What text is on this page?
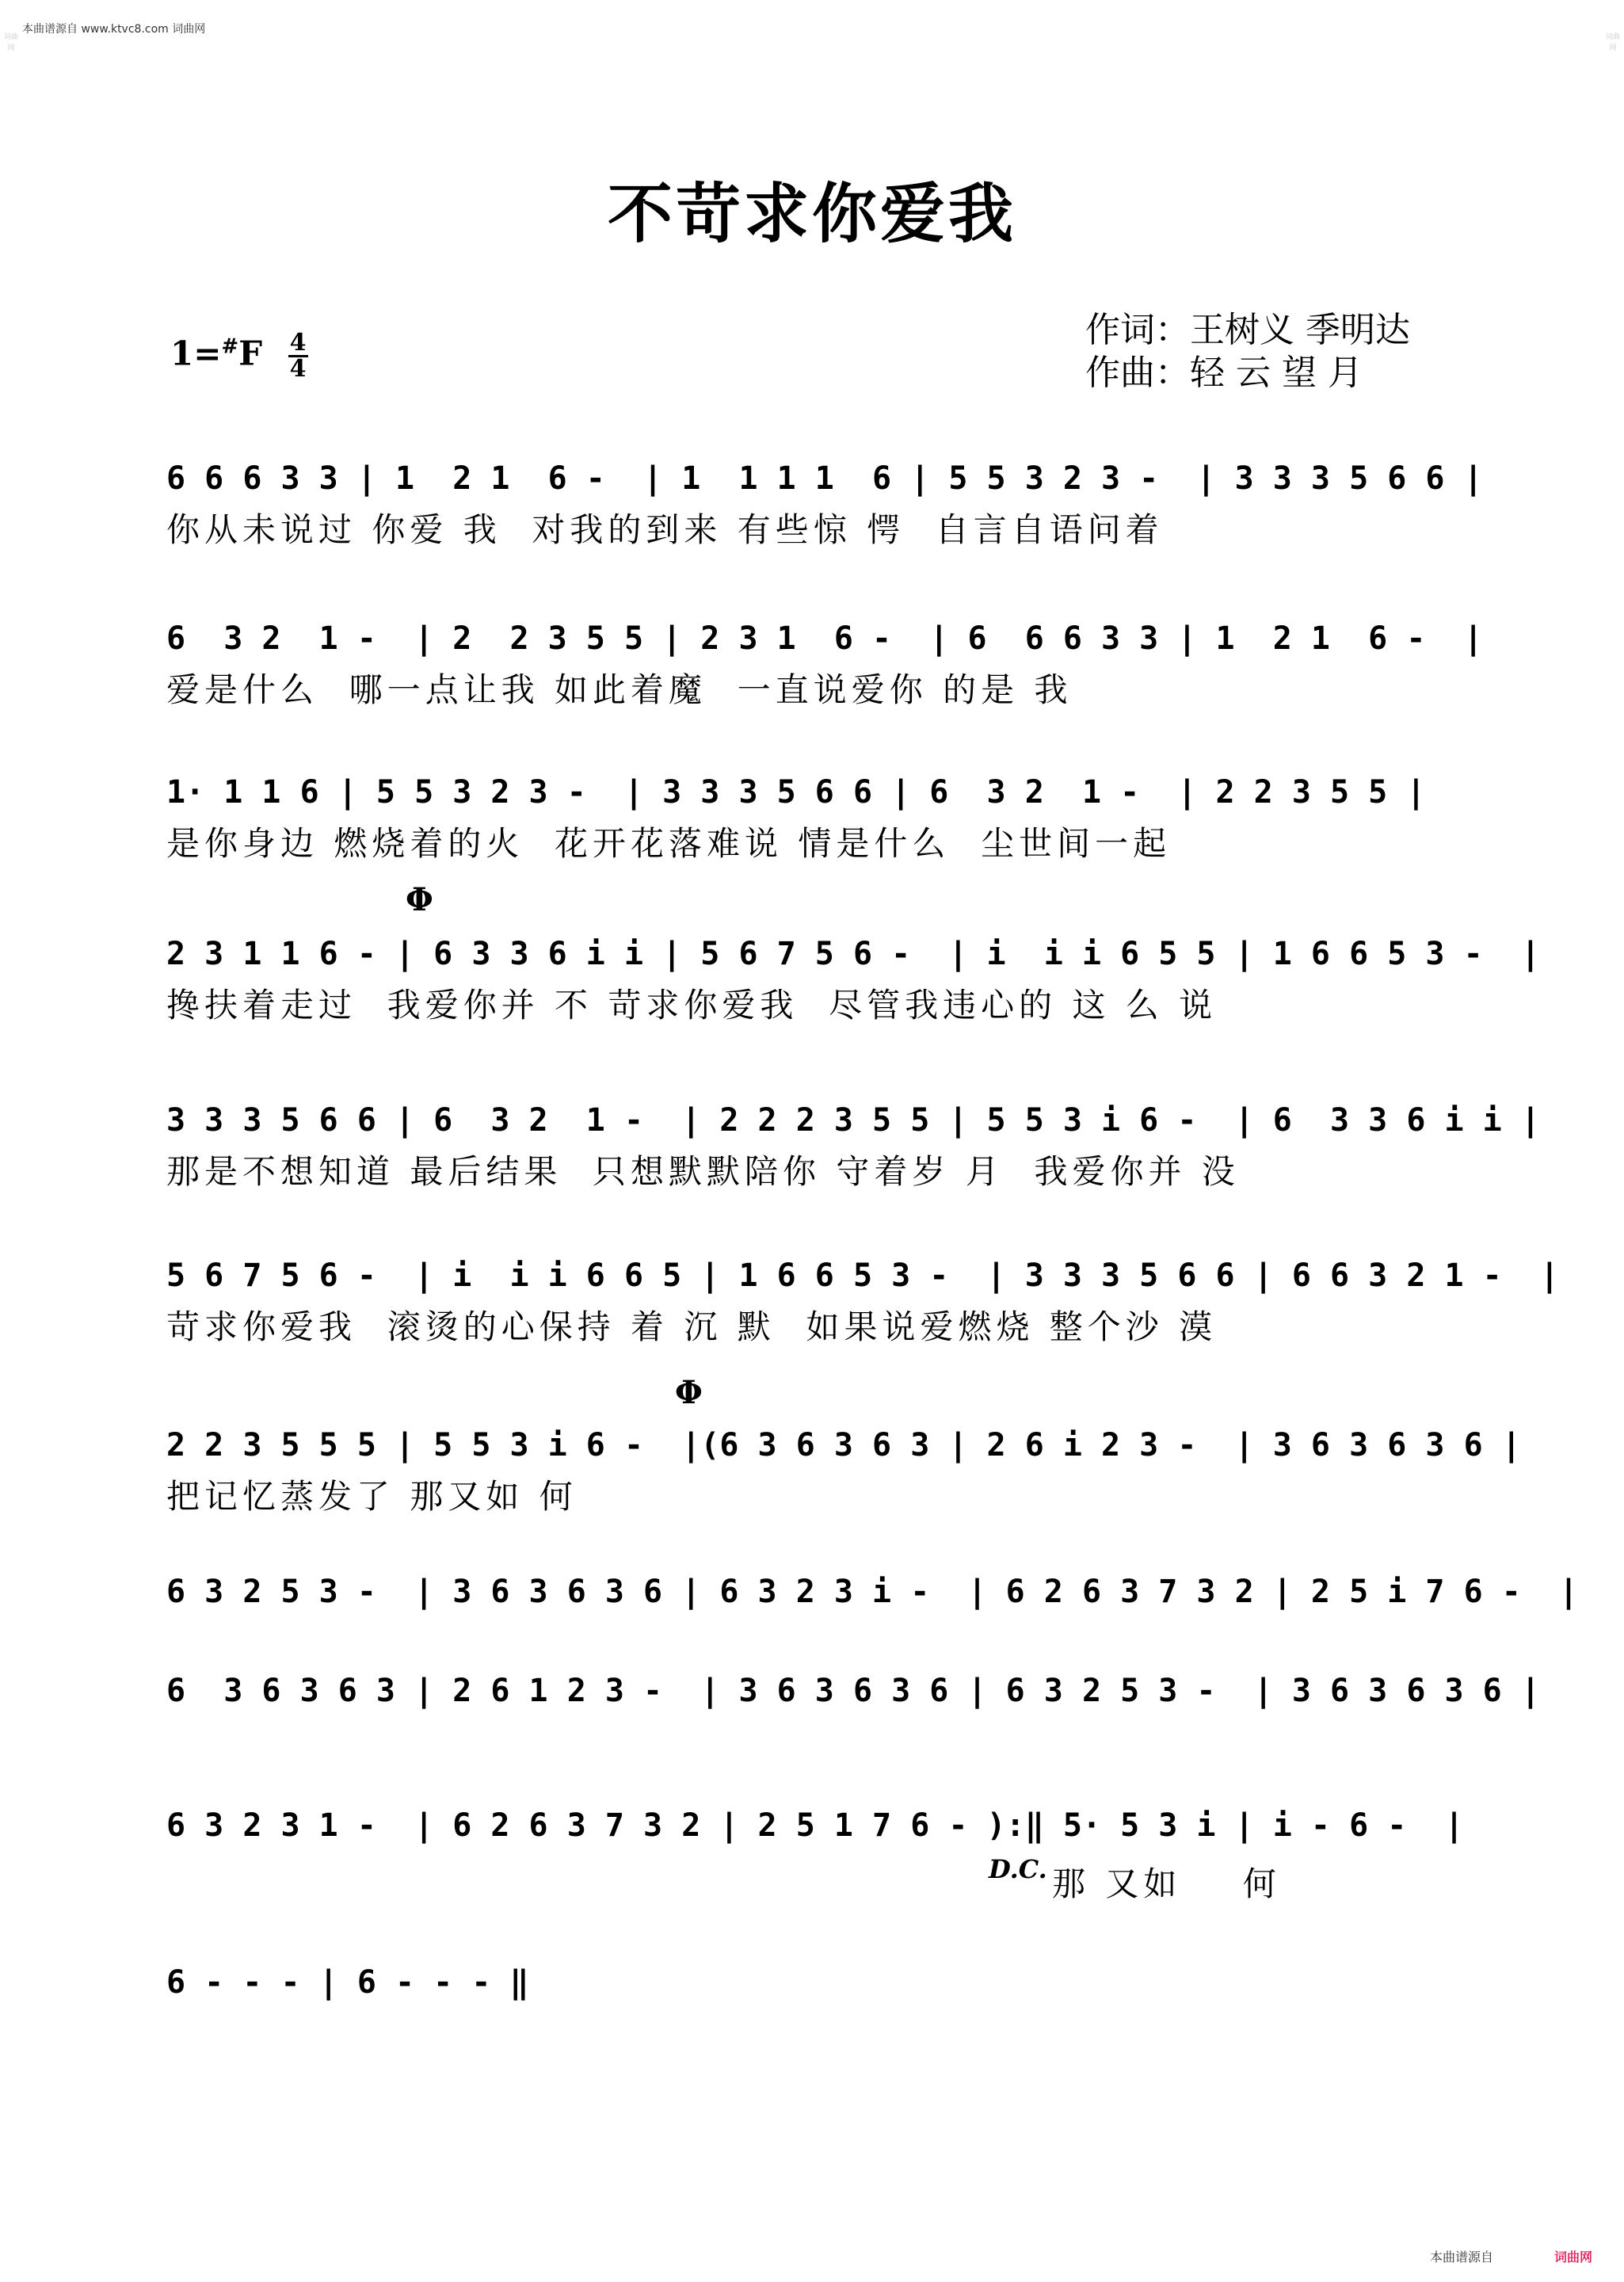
本曲谱源自 www.ktvc8.com 词曲网
词曲网
词曲网
不苛求你爱我
$1=^{\#}F \frac{4}{4}$
作词：王树义 季明达
作曲：轻 云 望 月
6 6 6 3 3 | 1  2 1  6 -  | 1  1 1 1  6 | 5 5 3 2 3 -  | 3 3 3 5 6 6 |
你从未说过 你爱 我  对我的到来 有些惊 愕  自言自语问着
6  3 2  1 -  | 2  2 3 5 5 | 2 3 1  6 -  | 6  6 6 3 3 | 1  2 1  6 -  |
爱是什么  哪一点让我 如此着魔  一直说爱你 的是 我
1· 1 1 6 | 5 5 3 2 3 -  | 3 3 3 5 6 6 | 6  3 2  1 -  | 2 2 3 5 5 |
是你身边 燃烧着的火  花开花落难说 情是什么  尘世间一起
Φ
2 3 1 1 6 - | 6 3 3 6 i i | 5 6 7 5 6 -  | i  i i 6 5 5 | 1 6 6 5 3 -  |
搀扶着走过  我爱你并 不 苛求你爱我  尽管我违心的 这 么 说
3 3 3 5 6 6 | 6  3 2  1 -  | 2 2 2 3 5 5 | 5 5 3 i 6 -  | 6  3 3 6 i i |
那是不想知道 最后结果  只想默默陪你 守着岁 月  我爱你并 没
5 6 7 5 6 -  | i  i i 6 6 5 | 1 6 6 5 3 -  | 3 3 3 5 6 6 | 6 6 3 2 1 -  |
苛求你爱我  滚烫的心保持 着 沉 默  如果说爱燃烧 整个沙 漠
Φ
2 2 3 5 5 5 | 5 5 3 i 6 -  |(6 3 6 3 6 3 | 2 6 i 2 3 -  | 3 6 3 6 3 6 |
把记忆蒸发了 那又如 何
6 3 2 5 3 -  | 3 6 3 6 3 6 | 6 3 2 3 i -  | 6 2 6 3 7 3 2 | 2 5 i 7 6 -  |
6  3 6 3 6 3 | 2 6 1 2 3 -  | 3 6 3 6 3 6 | 6 3 2 5 3 -  | 3 6 3 6 3 6 |
6 3 2 3 1 -  | 6 2 6 3 7 3 2 | 2 5 1 7 6 - ):‖ 5· 5 3 i | i - 6 -  |
D.C. 那 又如    何
6 - - - | 6 - - - ‖
本曲谱源自	词曲网
